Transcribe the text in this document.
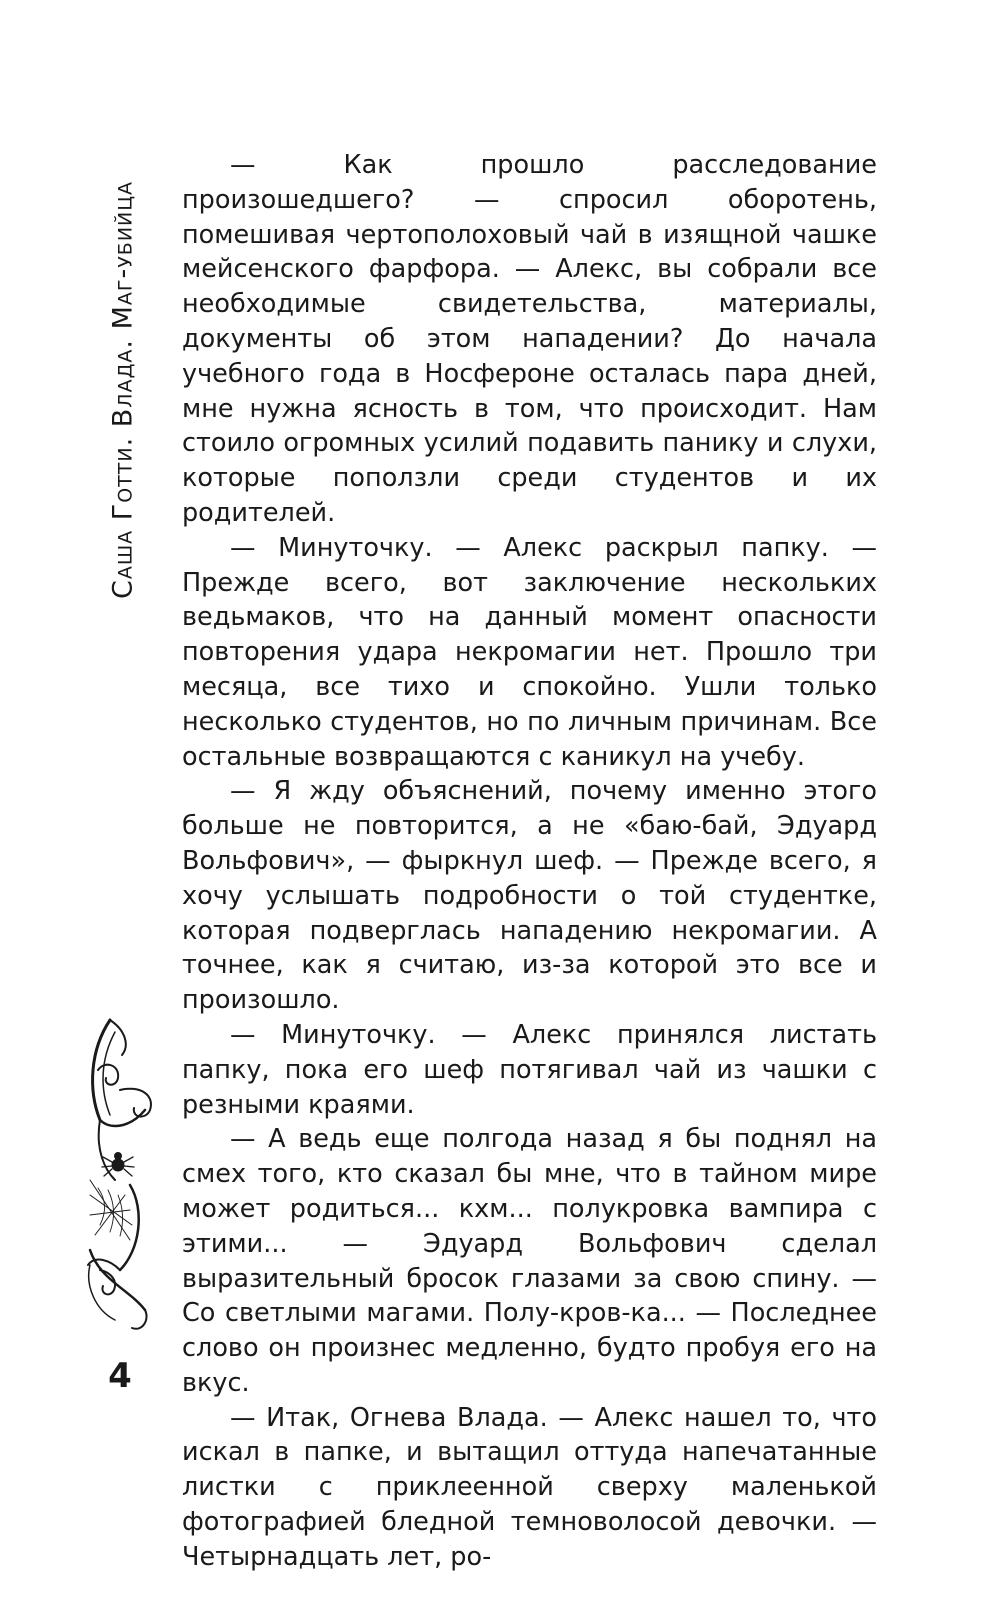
Саша Готти. Влада. Маг-убийца
4

— Как прошло расследование произошедшего? — спросил оборотень, помешивая чертополоховый чай в изящной чашке мейсенского фарфора. — Алекс, вы собрали все необходимые свидетельства, материалы, документы об этом нападении? До начала учебного года в Носфероне осталась пара дней, мне нужна ясность в том, что происходит. Нам стоило огромных усилий подавить панику и слухи, которые поползли среди студентов и их родителей.

— Минуточку. — Алекс раскрыл папку. — Прежде всего, вот заключение нескольких ведьмаков, что на данный момент опасности повторения удара некромагии нет. Прошло три месяца, все тихо и спокойно. Ушли только несколько студентов, но по личным причинам. Все остальные возвращаются с каникул на учебу.

— Я жду объяснений, почему именно этого больше не повторится, а не «баю-бай, Эдуард Вольфович», — фыркнул шеф. — Прежде всего, я хочу услышать подробности о той студентке, которая подверглась нападению некромагии. А точнее, как я считаю, из-за которой это все и произошло.

— Минуточку. — Алекс принялся листать папку, пока его шеф потягивал чай из чашки с резными краями.

— А ведь еще полгода назад я бы поднял на смех того, кто сказал бы мне, что в тайном мире может родиться... кхм... полукровка вампира с этими... — Эдуард Вольфович сделал выразительный бросок глазами за свою спину. — Со светлыми магами. Полу-кров-ка... — Последнее слово он произнес медленно, будто пробуя его на вкус.

— Итак, Огнева Влада. — Алекс нашел то, что искал в папке, и вытащил оттуда напечатанные листки с приклеенной сверху маленькой фотографией бледной темноволосой девочки. — Четырнадцать лет, ро-
